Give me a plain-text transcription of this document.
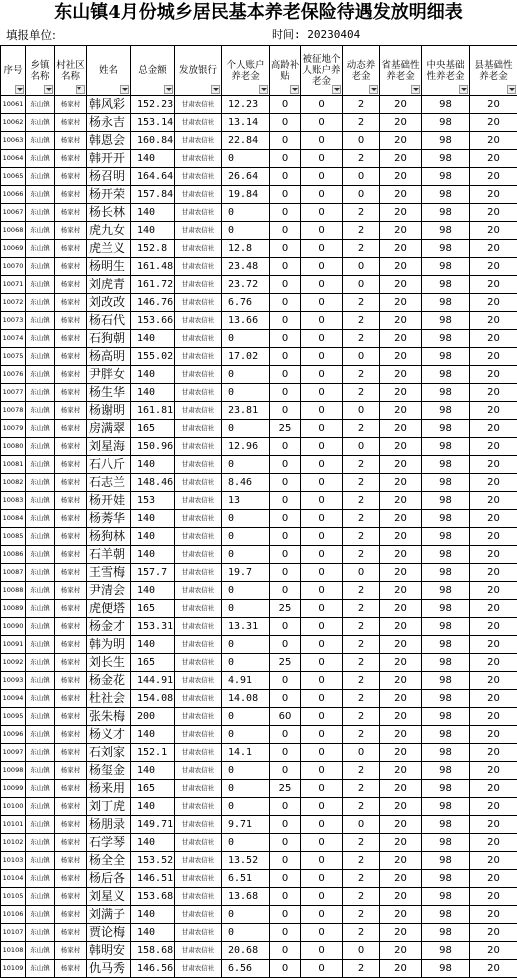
东山镇4月份城乡居民基本养老保险待遇发放明细表
填报单位:	时间: 20230404
序号	乡镇名称	村社区名称	姓名	总金额	发放银行	个人账户养老金	高龄补贴	被征地个人账户养老金	动态养老金	省基础性养老金	中央基础性养老金	县基础性养老金

10061	东山镇	杨家村	韩风彩	152.23	甘肃农信社	12.23	0	0	2	20	98	20
10062	东山镇	杨家村	杨永吉	153.14	甘肃农信社	13.14	0	0	2	20	98	20
10063	东山镇	杨家村	韩恩会	160.84	甘肃农信社	22.84	0	0	0	20	98	20
10064	东山镇	杨家村	韩开开	140	甘肃农信社	0	0	0	2	20	98	20
10065	东山镇	杨家村	杨召明	164.64	甘肃农信社	26.64	0	0	0	20	98	20
10066	东山镇	杨家村	杨开荣	157.84	甘肃农信社	19.84	0	0	0	20	98	20
10067	东山镇	杨家村	杨长林	140	甘肃农信社	0	0	0	2	20	98	20
10068	东山镇	杨家村	虎九女	140	甘肃农信社	0	0	0	2	20	98	20
10069	东山镇	杨家村	虎兰义	152.8	甘肃农信社	12.8	0	0	2	20	98	20
10070	东山镇	杨家村	杨明生	161.48	甘肃农信社	23.48	0	0	0	20	98	20
10071	东山镇	杨家村	刘虎青	161.72	甘肃农信社	23.72	0	0	0	20	98	20
10072	东山镇	杨家村	刘改改	146.76	甘肃农信社	6.76	0	0	2	20	98	20
10073	东山镇	杨家村	杨石代	153.66	甘肃农信社	13.66	0	0	2	20	98	20
10074	东山镇	杨家村	石狗朝	140	甘肃农信社	0	0	0	2	20	98	20
10075	东山镇	杨家村	杨高明	155.02	甘肃农信社	17.02	0	0	0	20	98	20
10076	东山镇	杨家村	尹胖女	140	甘肃农信社	0	0	0	2	20	98	20
10077	东山镇	杨家村	杨生华	140	甘肃农信社	0	0	0	2	20	98	20
10078	东山镇	杨家村	杨谢明	161.81	甘肃农信社	23.81	0	0	0	20	98	20
10079	东山镇	杨家村	房满翠	165	甘肃农信社	0	25	0	2	20	98	20
10080	东山镇	杨家村	刘星海	150.96	甘肃农信社	12.96	0	0	0	20	98	20
10081	东山镇	杨家村	石八斤	140	甘肃农信社	0	0	0	2	20	98	20
10082	东山镇	杨家村	石志兰	148.46	甘肃农信社	8.46	0	0	2	20	98	20
10083	东山镇	杨家村	杨开娃	153	甘肃农信社	13	0	0	2	20	98	20
10084	东山镇	杨家村	杨莠华	140	甘肃农信社	0	0	0	2	20	98	20
10085	东山镇	杨家村	杨狗林	140	甘肃农信社	0	0	0	2	20	98	20
10086	东山镇	杨家村	石羊朝	140	甘肃农信社	0	0	0	2	20	98	20
10087	东山镇	杨家村	王雪梅	157.7	甘肃农信社	19.7	0	0	0	20	98	20
10088	东山镇	杨家村	尹清会	140	甘肃农信社	0	0	0	2	20	98	20
10089	东山镇	杨家村	虎便塔	165	甘肃农信社	0	25	0	2	20	98	20
10090	东山镇	杨家村	杨金才	153.31	甘肃农信社	13.31	0	0	2	20	98	20
10091	东山镇	杨家村	韩为明	140	甘肃农信社	0	0	0	2	20	98	20
10092	东山镇	杨家村	刘长生	165	甘肃农信社	0	25	0	2	20	98	20
10093	东山镇	杨家村	杨金花	144.91	甘肃农信社	4.91	0	0	2	20	98	20
10094	东山镇	杨家村	杜社会	154.08	甘肃农信社	14.08	0	0	2	20	98	20
10095	东山镇	杨家村	张朱梅	200	甘肃农信社	0	60	0	2	20	98	20
10096	东山镇	杨家村	杨义才	140	甘肃农信社	0	0	0	2	20	98	20
10097	东山镇	杨家村	石刘家	152.1	甘肃农信社	14.1	0	0	0	20	98	20
10098	东山镇	杨家村	杨玺金	140	甘肃农信社	0	0	0	2	20	98	20
10099	东山镇	杨家村	杨来用	165	甘肃农信社	0	25	0	2	20	98	20
10100	东山镇	杨家村	刘丁虎	140	甘肃农信社	0	0	0	2	20	98	20
10101	东山镇	杨家村	杨朋录	149.71	甘肃农信社	9.71	0	0	0	20	98	20
10102	东山镇	杨家村	石学琴	140	甘肃农信社	0	0	0	2	20	98	20
10103	东山镇	杨家村	杨全全	153.52	甘肃农信社	13.52	0	0	2	20	98	20
10104	东山镇	杨家村	杨后各	146.51	甘肃农信社	6.51	0	0	2	20	98	20
10105	东山镇	杨家村	刘星义	153.68	甘肃农信社	13.68	0	0	2	20	98	20
10106	东山镇	杨家村	刘满子	140	甘肃农信社	0	0	0	2	20	98	20
10107	东山镇	杨家村	贾论梅	140	甘肃农信社	0	0	0	2	20	98	20
10108	东山镇	杨家村	韩明安	158.68	甘肃农信社	20.68	0	0	0	20	98	20
10109	东山镇	杨家村	仇马秀	146.56	甘肃农信社	6.56	0	0	2	20	98	20
